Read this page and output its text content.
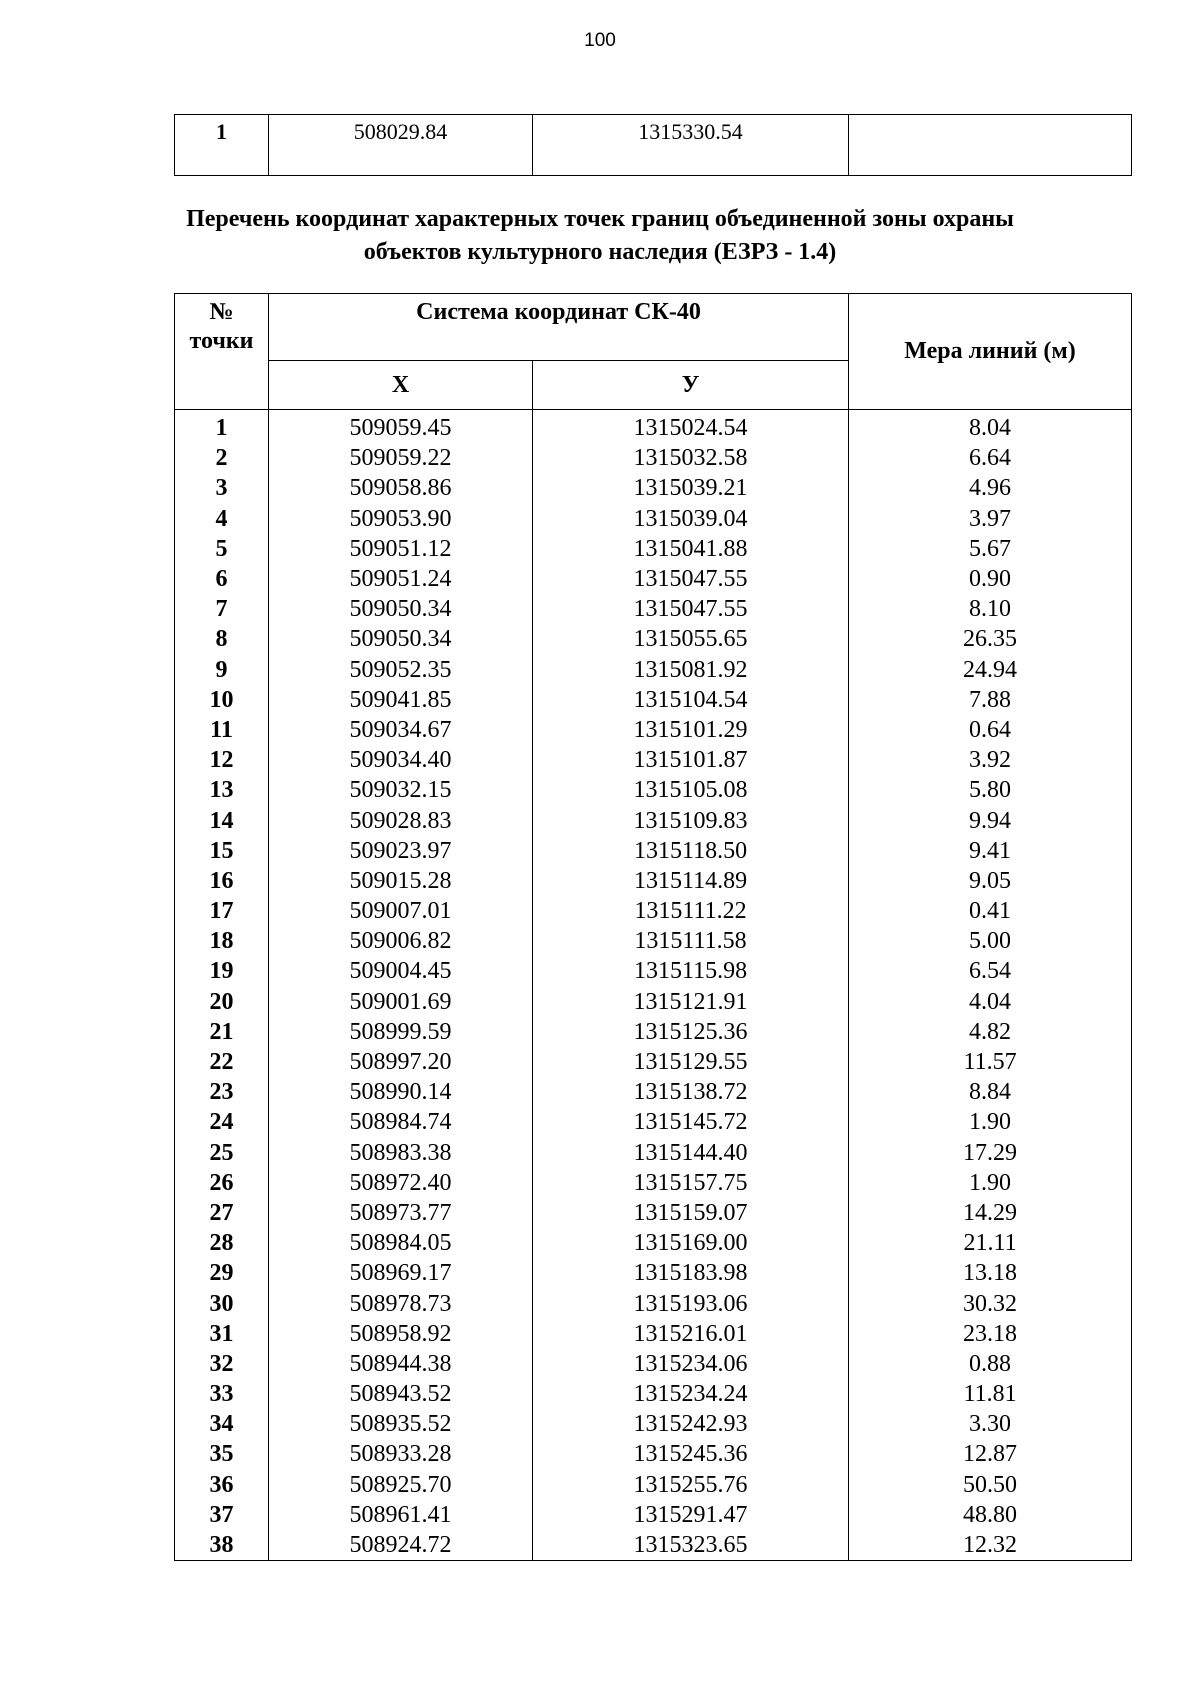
100
1	508029.84	1315330.54	
Перечень координат характерных точек границ объединенной зоны охраны
объектов культурного наследия (ЕЗРЗ - 1.4)
№
точки	Система координат СК-40		Мера линий (м)
	X	У	
1	509059.45	1315024.54	8.04
2	509059.22	1315032.58	6.64
3	509058.86	1315039.21	4.96
4	509053.90	1315039.04	3.97
5	509051.12	1315041.88	5.67
6	509051.24	1315047.55	0.90
7	509050.34	1315047.55	8.10
8	509050.34	1315055.65	26.35
9	509052.35	1315081.92	24.94
10	509041.85	1315104.54	7.88
11	509034.67	1315101.29	0.64
12	509034.40	1315101.87	3.92
13	509032.15	1315105.08	5.80
14	509028.83	1315109.83	9.94
15	509023.97	1315118.50	9.41
16	509015.28	1315114.89	9.05
17	509007.01	1315111.22	0.41
18	509006.82	1315111.58	5.00
19	509004.45	1315115.98	6.54
20	509001.69	1315121.91	4.04
21	508999.59	1315125.36	4.82
22	508997.20	1315129.55	11.57
23	508990.14	1315138.72	8.84
24	508984.74	1315145.72	1.90
25	508983.38	1315144.40	17.29
26	508972.40	1315157.75	1.90
27	508973.77	1315159.07	14.29
28	508984.05	1315169.00	21.11
29	508969.17	1315183.98	13.18
30	508978.73	1315193.06	30.32
31	508958.92	1315216.01	23.18
32	508944.38	1315234.06	0.88
33	508943.52	1315234.24	11.81
34	508935.52	1315242.93	3.30
35	508933.28	1315245.36	12.87
36	508925.70	1315255.76	50.50
37	508961.41	1315291.47	48.80
38	508924.72	1315323.65	12.32
